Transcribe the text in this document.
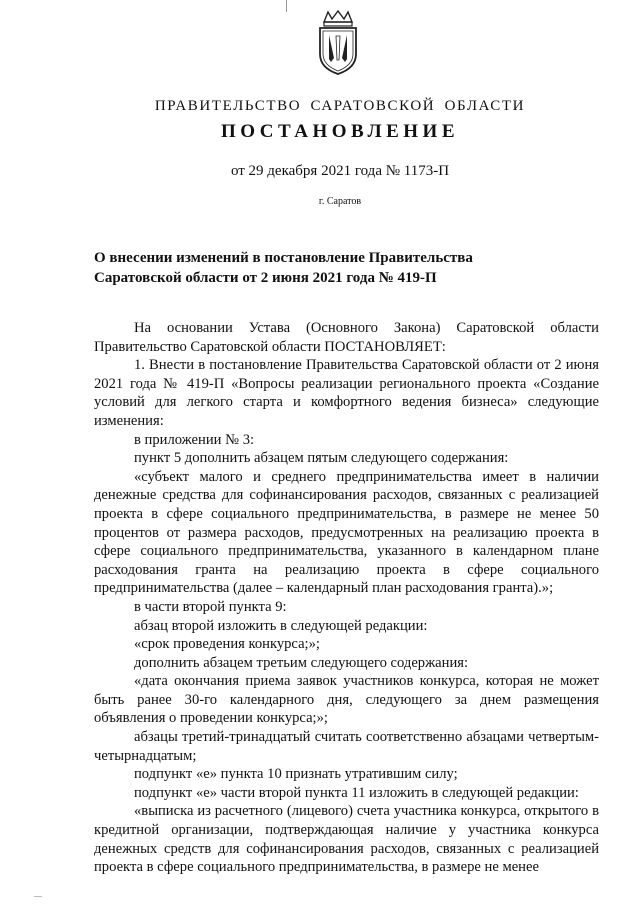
ПРАВИТЕЛЬСТВО САРАТОВСКОЙ ОБЛАСТИ
ПОСТАНОВЛЕНИЕ
от 29 декабря 2021 года № 1173-П
г. Саратов
О внесении изменений в постановление Правительства
Саратовской области от 2 июня 2021 года № 419-П

На основании Устава (Основного Закона) Саратовской области Правительство Саратовской области ПОСТАНОВЛЯЕТ:

1. Внести в постановление Правительства Саратовской области от 2 июня 2021 года № 419-П «Вопросы реализации регионального проекта «Создание условий для легкого старта и комфортного ведения бизнеса» следующие изменения:

в приложении № 3:

пункт 5 дополнить абзацем пятым следующего содержания:

«субъект малого и среднего предпринимательства имеет в наличии денежные средства для софинансирования расходов, связанных с реализацией проекта в сфере социального предпринимательства, в размере не менее 50 процентов от размера расходов, предусмотренных на реализацию проекта в сфере социального предпринимательства, указанного в календарном плане расходования гранта на реализацию проекта в сфере социального предпринимательства (далее – календарный план расходования гранта).»;

в части второй пункта 9:

абзац второй изложить в следующей редакции:

«срок проведения конкурса;»;

дополнить абзацем третьим следующего содержания:

«дата окончания приема заявок участников конкурса, которая не может быть ранее 30-го календарного дня, следующего за днем размещения объявления о проведении конкурса;»;

абзацы третий-тринадцатый считать соответственно абзацами четвертым-четырнадцатым;

подпункт «е» пункта 10 признать утратившим силу;

подпункт «е» части второй пункта 11 изложить в следующей редакции:

«выписка из расчетного (лицевого) счета участника конкурса, открытого в кредитной организации, подтверждающая наличие у участника конкурса денежных средств для софинансирования расходов, связанных с реализацией проекта в сфере социального предпринимательства, в размере не менее
